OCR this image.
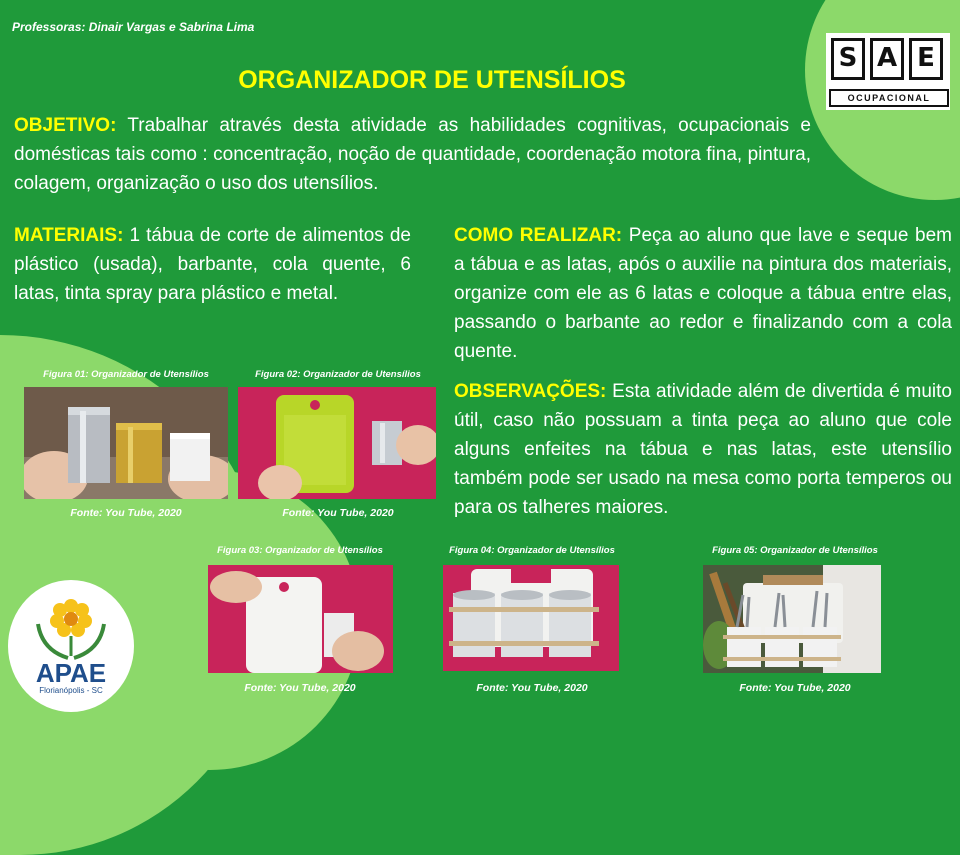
Professoras: Dinair Vargas e Sabrina Lima

ORGANIZADOR DE UTENSÍLIOS
S A E
OCUPACIONAL
OBJETIVO: Trabalhar através desta atividade as habilidades cognitivas, ocupacionais e domésticas tais como : concentração, noção de quantidade, coordenação motora fina, pintura, colagem, organização o uso dos utensílios.
MATERIAIS: 1 tábua de corte de alimentos de plástico (usada), barbante, cola quente, 6 latas, tinta spray para plástico e metal.
COMO REALIZAR: Peça ao aluno que lave e seque bem a tábua e as latas, após o auxilie na pintura dos materiais, organize com ele as 6 latas e coloque a tábua entre elas, passando o barbante ao redor e finalizando com a cola quente.
OBSERVAÇÕES: Esta atividade além de divertida é muito útil, caso não possuam a tinta peça ao aluno que cole alguns enfeites na tábua e nas latas, este utensílio também pode ser usado na mesa como porta temperos ou para os talheres maiores.
Figura 01: Organizador de Utensílios
Fonte: You Tube, 2020
Figura 02: Organizador de Utensílios
Fonte: You Tube, 2020
Figura 03: Organizador de Utensílios
Fonte: You Tube, 2020
Figura 04: Organizador de Utensílios
Fonte: You Tube, 2020
Figura 05: Organizador de Utensílios
Fonte: You Tube, 2020
APAE
Florianópolis - SC
